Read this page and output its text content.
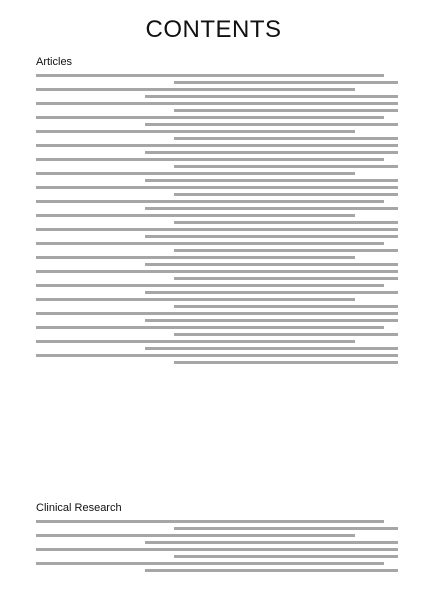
CONTENTS
Articles
Clinical Research
